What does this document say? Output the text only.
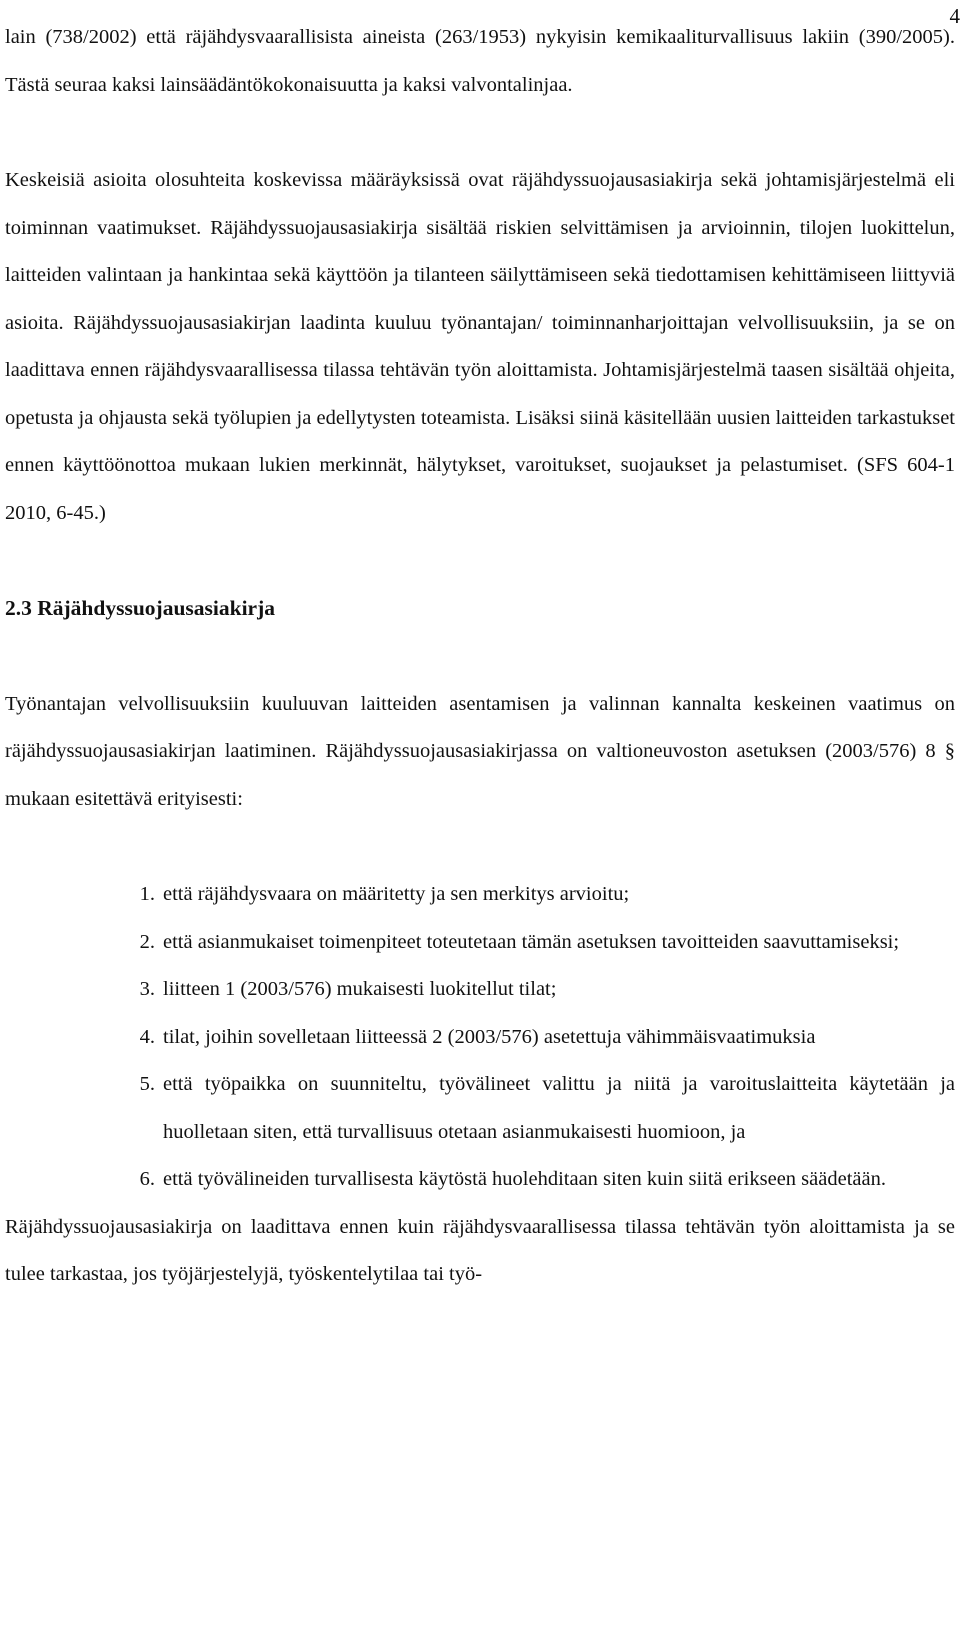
4

lain (738/2002) että räjähdysvaarallisista aineista (263/1953) nykyisin kemikaaliturvallisuus lakiin (390/2005). Tästä seuraa kaksi lainsäädäntökokonaisuutta ja kaksi valvontalinjaa.

Keskeisiä asioita olosuhteita koskevissa määräyksissä ovat räjähdyssuojausasiakirja sekä johtamisjärjestelmä eli toiminnan vaatimukset. Räjähdyssuojausasiakirja sisältää riskien selvittämisen ja arvioinnin, tilojen luokittelun, laitteiden valintaan ja hankintaa sekä käyttöön ja tilanteen säilyttämiseen sekä tiedottamisen kehittämiseen liittyviä asioita. Räjähdyssuojausasiakirjan laadinta kuuluu työnantajan/ toiminnanharjoittajan velvollisuuksiin, ja se on laadittava ennen räjähdysvaarallisessa tilassa tehtävän työn aloittamista. Johtamisjärjestelmä taasen sisältää ohjeita, opetusta ja ohjausta sekä työlupien ja edellytysten toteamista. Lisäksi siinä käsitellään uusien laitteiden tarkastukset ennen käyttöönottoa mukaan lukien merkinnät, hälytykset, varoitukset, suojaukset ja pelastumiset. (SFS 604-1 2010, 6-45.)

2.3 Räjähdyssuojausasiakirja

Työnantajan velvollisuuksiin kuuluuvan laitteiden asentamisen ja valinnan kannalta keskeinen vaatimus on räjähdyssuojausasiakirjan laatiminen. Räjähdyssuojausasiakirjassa on valtioneuvoston asetuksen (2003/576) 8 § mukaan esitettävä erityisesti:

1. että räjähdysvaara on määritetty ja sen merkitys arvioitu;
2. että asianmukaiset toimenpiteet toteutetaan tämän asetuksen tavoitteiden saavuttamiseksi;
3. liitteen 1 (2003/576) mukaisesti luokitellut tilat;
4. tilat, joihin sovelletaan liitteessä 2 (2003/576) asetettuja vähimmäisvaatimuksia
5. että työpaikka on suunniteltu, työvälineet valittu ja niitä ja varoituslaitteita käytetään ja huolletaan siten, että turvallisuus otetaan asianmukaisesti huomioon, ja
6. että työvälineiden turvallisesta käytöstä huolehditaan siten kuin siitä erikseen säädetään.

Räjähdyssuojausasiakirja on laadittava ennen kuin räjähdysvaarallisessa tilassa tehtävän työn aloittamista ja se tulee tarkastaa, jos työjärjestelyjä, työskentelytilaa tai työ-
